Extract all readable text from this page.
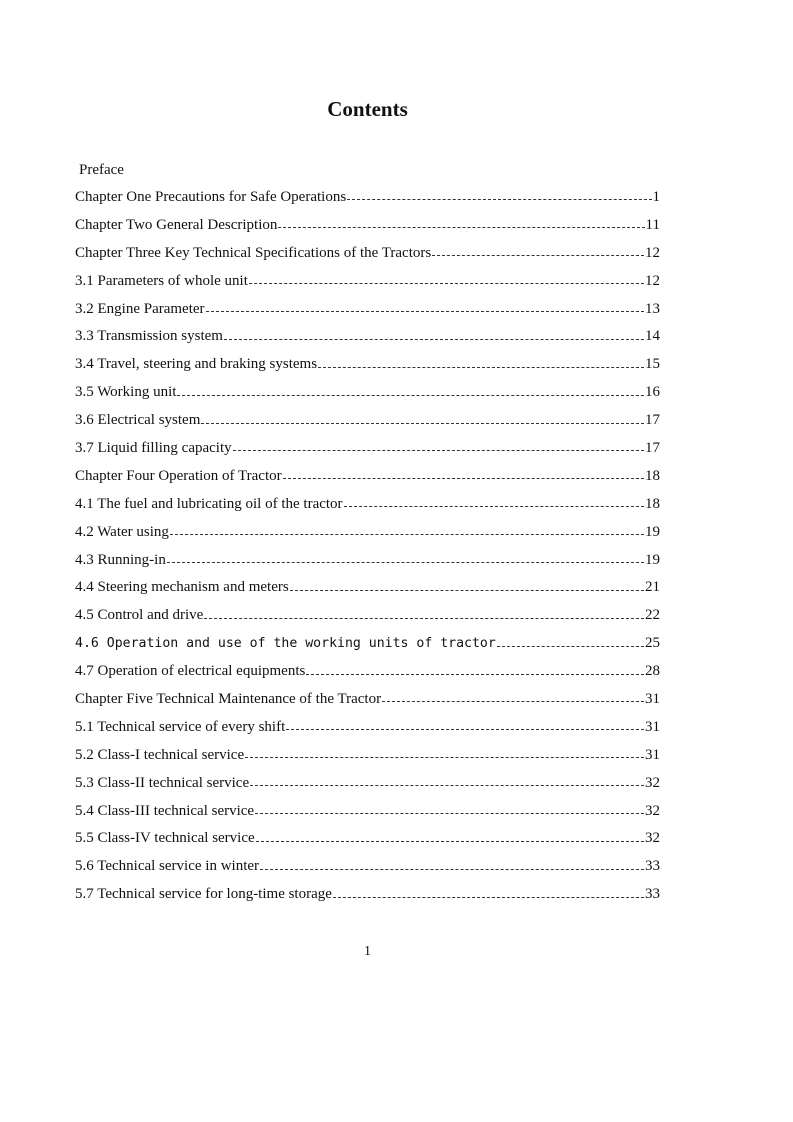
Contents
Preface
Chapter One Precautions for Safe Operations	1
Chapter Two General Description	11
Chapter Three Key Technical Specifications of the Tractors	12
3.1 Parameters of whole unit	12
3.2 Engine Parameter	13
3.3 Transmission system	14
3.4 Travel, steering and braking systems	15
3.5 Working unit	16
3.6 Electrical system	17
3.7 Liquid filling capacity	17
Chapter Four Operation of Tractor	18
4.1 The fuel and lubricating oil of the tractor	18
4.2 Water using	19
4.3 Running-in	19
4.4 Steering mechanism and meters	21
4.5 Control and drive	22
4.6 Operation and use of the working units of tractor	25
4.7 Operation of electrical equipments	28
Chapter Five Technical Maintenance of the Tractor	31
5.1 Technical service of every shift	31
5.2 Class-I technical service	31
5.3 Class-II technical service	32
5.4 Class-III technical service	32
5.5 Class-IV technical service	32
5.6 Technical service in winter	33
5.7 Technical service for long-time storage	33
1
